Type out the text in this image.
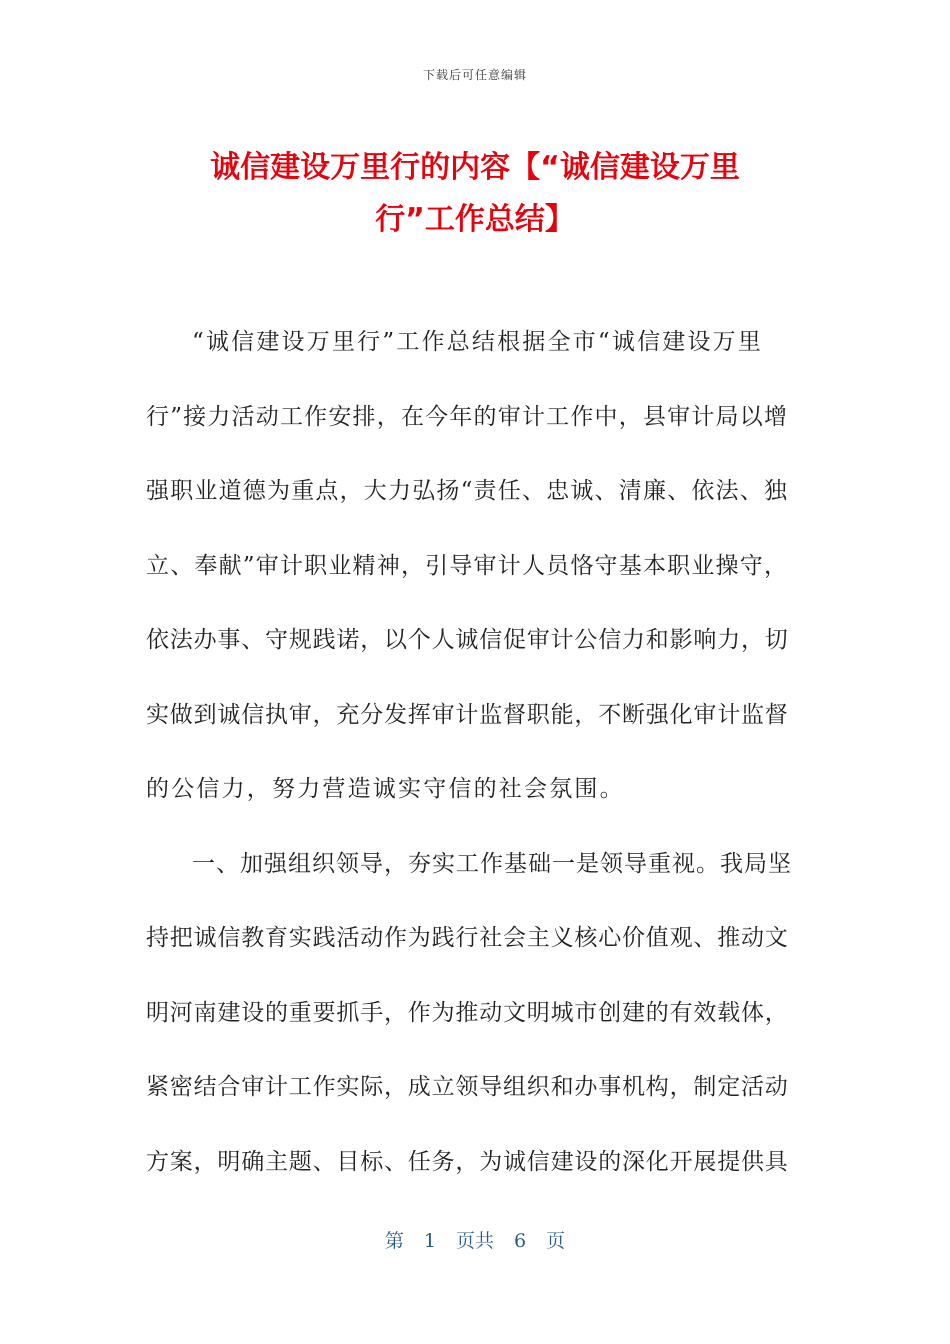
下载后可任意编辑
诚信建设万里行的内容【“诚信建设万里
行”工作总结】
“诚信建设万里行”工作总结根据全市“诚信建设万里
行”接力活动工作安排，在今年的审计工作中，县审计局以增
强职业道德为重点，大力弘扬“责任、忠诚、清廉、依法、独
立、奉献”审计职业精神，引导审计人员恪守基本职业操守，
依法办事、守规践诺，以个人诚信促审计公信力和影响力，切
实做到诚信执审，充分发挥审计监督职能，不断强化审计监督
的公信力，努力营造诚实守信的社会氛围。
一、加强组织领导，夯实工作基础一是领导重视。我局坚
持把诚信教育实践活动作为践行社会主义核心价值观、推动文
明河南建设的重要抓手，作为推动文明城市创建的有效载体，
紧密结合审计工作实际，成立领导组织和办事机构，制定活动
方案，明确主题、目标、任务，为诚信建设的深化开展提供具
第 1 页共 6 页
